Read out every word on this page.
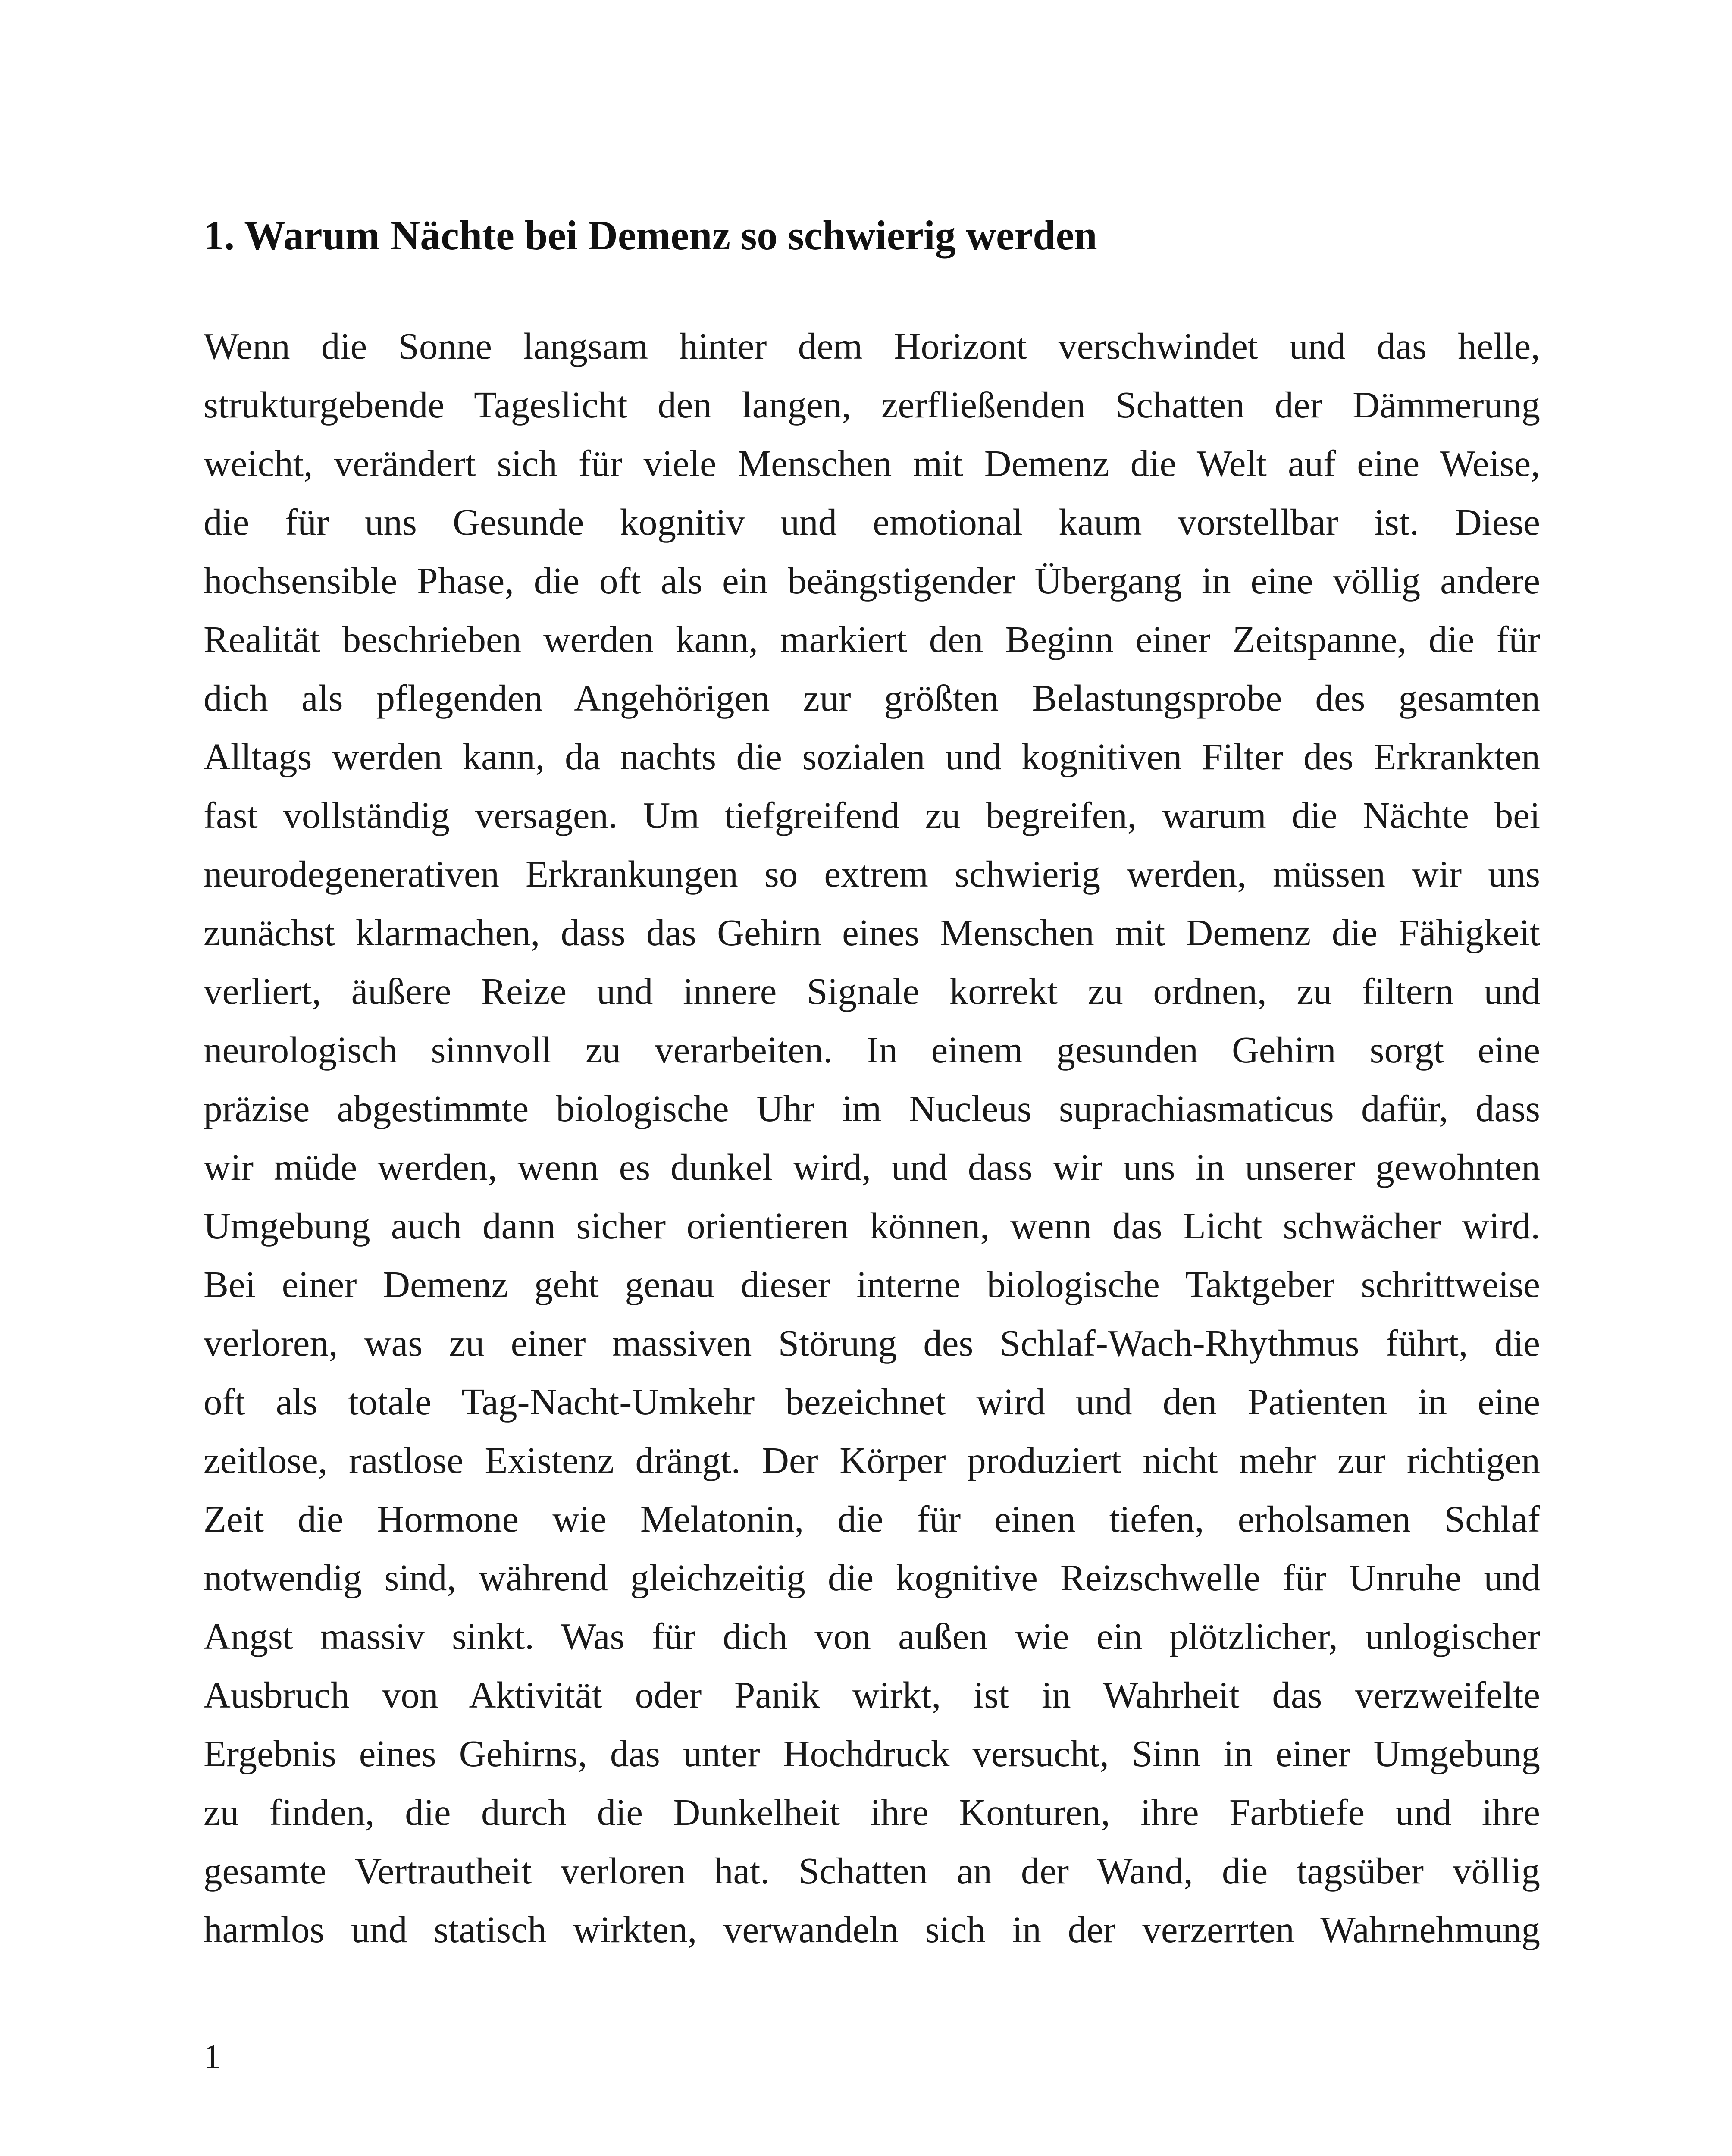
1. Warum Nächte bei Demenz so schwierig werden
Wenn die Sonne langsam hinter dem Horizont verschwindet und das helle,
strukturgebende Tageslicht den langen, zerfließenden Schatten der Dämmerung
weicht, verändert sich für viele Menschen mit Demenz die Welt auf eine Weise,
die für uns Gesunde kognitiv und emotional kaum vorstellbar ist. Diese
hochsensible Phase, die oft als ein beängstigender Übergang in eine völlig andere
Realität beschrieben werden kann, markiert den Beginn einer Zeitspanne, die für
dich als pflegenden Angehörigen zur größten Belastungsprobe des gesamten
Alltags werden kann, da nachts die sozialen und kognitiven Filter des Erkrankten
fast vollständig versagen. Um tiefgreifend zu begreifen, warum die Nächte bei
neurodegenerativen Erkrankungen so extrem schwierig werden, müssen wir uns
zunächst klarmachen, dass das Gehirn eines Menschen mit Demenz die Fähigkeit
verliert, äußere Reize und innere Signale korrekt zu ordnen, zu filtern und
neurologisch sinnvoll zu verarbeiten. In einem gesunden Gehirn sorgt eine
präzise abgestimmte biologische Uhr im Nucleus suprachiasmaticus dafür, dass
wir müde werden, wenn es dunkel wird, und dass wir uns in unserer gewohnten
Umgebung auch dann sicher orientieren können, wenn das Licht schwächer wird.
Bei einer Demenz geht genau dieser interne biologische Taktgeber schrittweise
verloren, was zu einer massiven Störung des Schlaf-Wach-Rhythmus führt, die
oft als totale Tag-Nacht-Umkehr bezeichnet wird und den Patienten in eine
zeitlose, rastlose Existenz drängt. Der Körper produziert nicht mehr zur richtigen
Zeit die Hormone wie Melatonin, die für einen tiefen, erholsamen Schlaf
notwendig sind, während gleichzeitig die kognitive Reizschwelle für Unruhe und
Angst massiv sinkt. Was für dich von außen wie ein plötzlicher, unlogischer
Ausbruch von Aktivität oder Panik wirkt, ist in Wahrheit das verzweifelte
Ergebnis eines Gehirns, das unter Hochdruck versucht, Sinn in einer Umgebung
zu finden, die durch die Dunkelheit ihre Konturen, ihre Farbtiefe und ihre
gesamte Vertrautheit verloren hat. Schatten an der Wand, die tagsüber völlig
harmlos und statisch wirkten, verwandeln sich in der verzerrten Wahrnehmung
1
